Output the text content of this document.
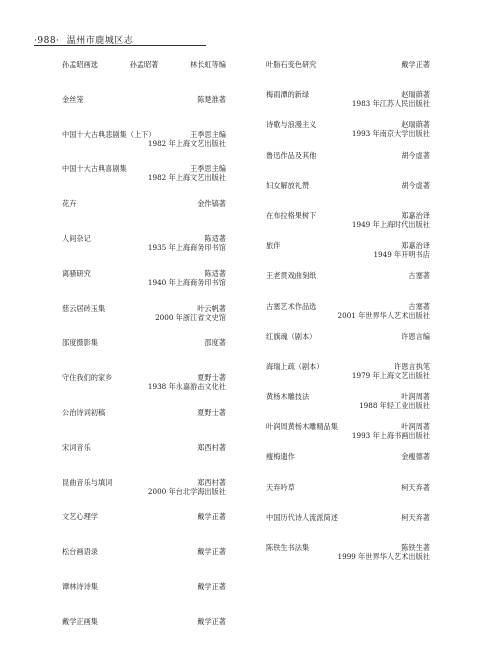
·988· 温州市鹿城区志
孙孟昭画选	孙孟昭著	林长虹等编
金丝笼	陈楚淮著
中国十大古典悲剧集（上下）	王季思主编
1982 年上海文艺出版社
中国十大古典喜剧集	王季思主编
1982 年上海文艺出版社
花卉	金作镐著
人间杂记	陈适著
1935 年上海商务印书馆
离骚研究	陈适著
1940 年上海商务印书馆
慈云居砖玉集	叶云帆著
2000 年浙江省文史馆
邵度摄影集	邵度著
守住我们的家乡	夏野士著
1938 年永嘉游击文化社
公治诗词初稿	夏野士著
宋词音乐	郑西村著
昆曲音乐与填词	郑西村著
2000 年台北学海出版社
文艺心理学	戴学正著
松台画语录	戴学正著
谭林诗诗集	戴学正著
戴学正画集	戴学正著
叶脂石变色研究	戴学正著
梅雨潭的新绿	赵瑞蕻著
1983 年江苏人民出版社
诗歌与浪漫主义	赵瑞蕻著
1993 年南京大学出版社
鲁迅作品及其他	胡今虚著
妇女解放礼赞	胡今虚著
在布拉格果树下	郑嘉治译
1949 年上海时代出版社
旅伴	郑嘉治译
1949 年开明书店
王老贯戏曲刻纸	古塞著
古塞艺术作品选	古塞著
2001 年世界华人艺术出版社
红旗魂（剧本）	许恩言编
海瑞上疏（剧本）	许恩言执笔
1979 年上海文艺出版社
黄杨木雕技法	叶润周著
1988 年轻工业出版社
叶润周黄杨木雕精品集	叶润周著
1993 年上海书画出版社
瘦梅遗作	金瘦德著
天弃吟草	柯天弃著
中国历代诗人流派简述	柯天弃著
陈铁生书法集	陈铁生著
1999 年世界华人艺术出版社
